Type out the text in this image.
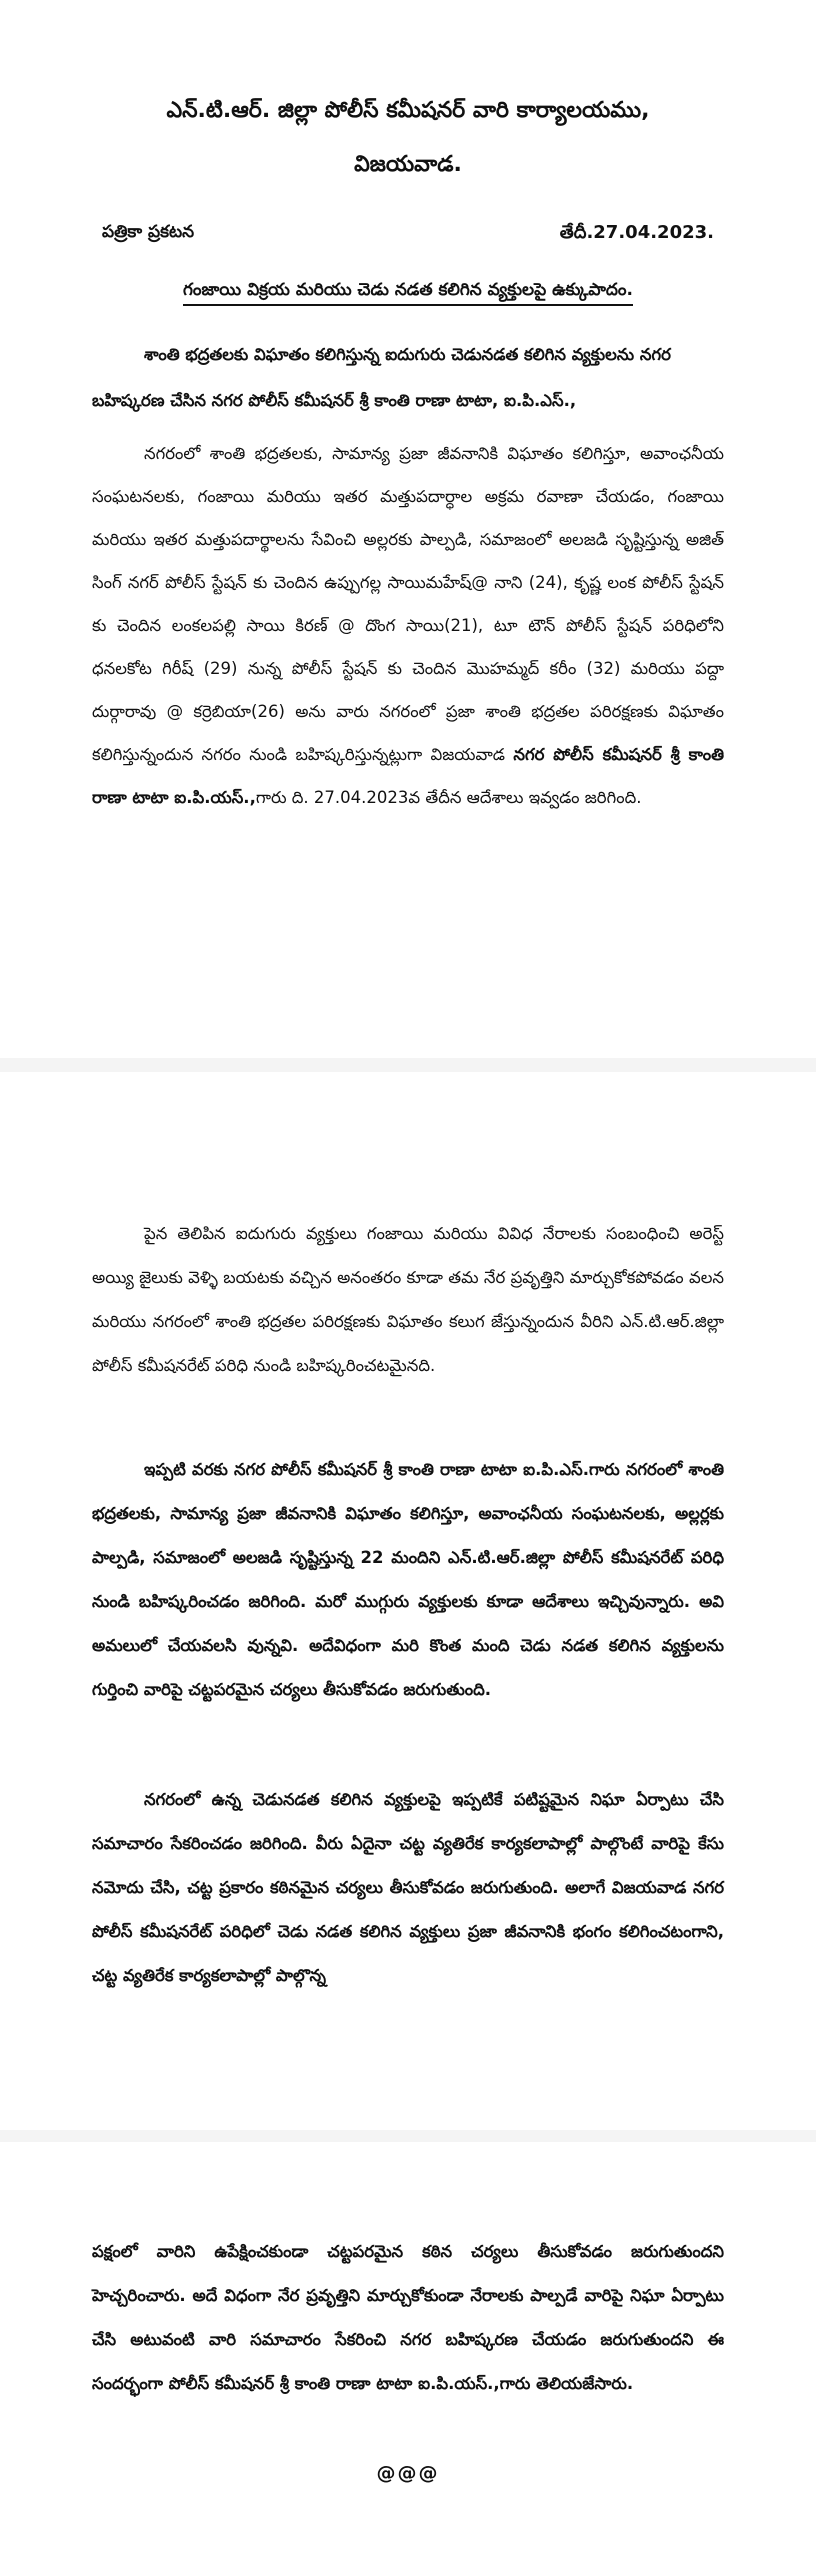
ఎన్.టి.ఆర్. జిల్లా పోలీస్ కమీషనర్ వారి కార్యాలయము,
విజయవాడ.
పత్రికా ప్రకటన	తేదీ.27.04.2023.
గంజాయి విక్రయ మరియు చెడు నడత కలిగిన వ్యక్తులపై ఉక్కుపాదం.
శాంతి భద్రతలకు విఘాతం కలిగిస్తున్న ఐదుగురు చెడునడత కలిగిన వ్యక్తులను నగర బహిష్కరణ చేసిన నగర పోలీస్ కమీషనర్ శ్రీ కాంతి రాణా టాటా, ఐ.పి.ఎస్.,
నగరంలో శాంతి భద్రతలకు, సామాన్య ప్రజా జీవనానికి విఘాతం కలిగిస్తూ, అవాంఛనీయ సంఘటనలకు, గంజాయి మరియు ఇతర మత్తుపదార్ధాల అక్రమ రవాణా చేయడం, గంజాయి మరియు ఇతర మత్తుపదార్థాలను సేవించి అల్లరకు పాల్పడి, సమాజంలో అలజడి సృష్టిస్తున్న అజిత్ సింగ్ నగర్ పోలీస్ స్టేషన్ కు చెందిన ఉప్పుగల్ల సాయిమహేష్@ నాని (24), కృష్ణ లంక పోలీస్ స్టేషన్ కు చెందిన లంకలపల్లి సాయి కిరణ్ @ దొంగ సాయి(21), టూ టౌన్ పోలీస్ స్టేషన్ పరిధిలోని ధనలకోట గిరీష్ (29) నున్న పోలీస్ స్టేషన్ కు చెందిన మొహమ్మద్ కరీం (32) మరియు పద్దా దుర్గారావు @ కర్రెబియా(26) అను వారు నగరంలో ప్రజా శాంతి భద్రతల పరిరక్షణకు విఘాతం కలిగిస్తున్నందున నగరం నుండి బహిష్కరిస్తున్నట్లుగా విజయవాడ నగర పోలీస్ కమీషనర్ శ్రీ కాంతి రాణా టాటా ఐ.పి.యస్.,గారు ది. 27.04.2023వ తేదీన ఆదేశాలు ఇవ్వడం జరిగింది.
పైన తెలిపిన ఐదుగురు వ్యక్తులు గంజాయి మరియు వివిధ నేరాలకు సంబంధించి అరెస్ట్ అయ్యి జైలుకు వెళ్ళి బయటకు వచ్చిన అనంతరం కూడా తమ నేర ప్రవృత్తిని మార్చుకోకపోవడం వలన మరియు నగరంలో శాంతి భద్రతల పరిరక్షణకు విఘాతం కలుగ జేస్తున్నందున వీరిని ఎన్.టి.ఆర్.జిల్లా పోలీస్ కమీషనరేట్ పరిధి నుండి బహిష్కరించటమైనది.
ఇప్పటి వరకు నగర పోలీస్ కమీషనర్ శ్రీ కాంతి రాణా టాటా ఐ.పి.ఎస్.గారు నగరంలో శాంతి భద్రతలకు, సామాన్య ప్రజా జీవనానికి విఘాతం కలిగిస్తూ, అవాంఛనీయ సంఘటనలకు, అల్లర్లకు పాల్పడి, సమాజంలో అలజడి సృష్టిస్తున్న 22 మందిని ఎన్.టి.ఆర్.జిల్లా పోలీస్ కమీషనరేట్ పరిధి నుండి బహిష్కరించడం జరిగింది. మరో ముగ్గురు వ్యక్తులకు కూడా ఆదేశాలు ఇచ్చివున్నారు. అవి అమలులో చేయవలసి వున్నవి. అదేవిధంగా మరి కొంత మంది చెడు నడత కలిగిన వ్యక్తులను గుర్తించి వారిపై చట్టపరమైన చర్యలు తీసుకోవడం జరుగుతుంది.
నగరంలో ఉన్న చెడునడత కలిగిన వ్యక్తులపై ఇప్పటికే పటిష్టమైన నిఘా ఏర్పాటు చేసి సమాచారం సేకరించడం జరిగింది. వీరు ఏదైనా చట్ట వ్యతిరేక కార్యకలాపాల్లో పాల్గొంటే వారిపై కేసు నమోదు చేసి, చట్ట ప్రకారం కఠినమైన చర్యలు తీసుకోవడం జరుగుతుంది. అలాగే విజయవాడ నగర పోలీస్ కమీషనరేట్ పరిధిలో చెడు నడత కలిగిన వ్యక్తులు ప్రజా జీవనానికి భంగం కలిగించటంగాని, చట్ట వ్యతిరేక కార్యకలాపాల్లో పాల్గొన్న
పక్షంలో వారిని ఉపేక్షించకుండా చట్టపరమైన కఠిన చర్యలు తీసుకోవడం జరుగుతుందని హెచ్చరించారు. అదే విధంగా నేర ప్రవృత్తిని మార్చుకోకుండా నేరాలకు పాల్పడే వారిపై నిఘా ఏర్పాటు చేసి అటువంటి వారి సమాచారం సేకరించి నగర బహిష్కరణ చేయడం జరుగుతుందని ఈ సందర్భంగా పోలీస్ కమీషనర్ శ్రీ కాంతి రాణా టాటా ఐ.పి.యస్.,గారు తెలియజేసారు.
@@@
